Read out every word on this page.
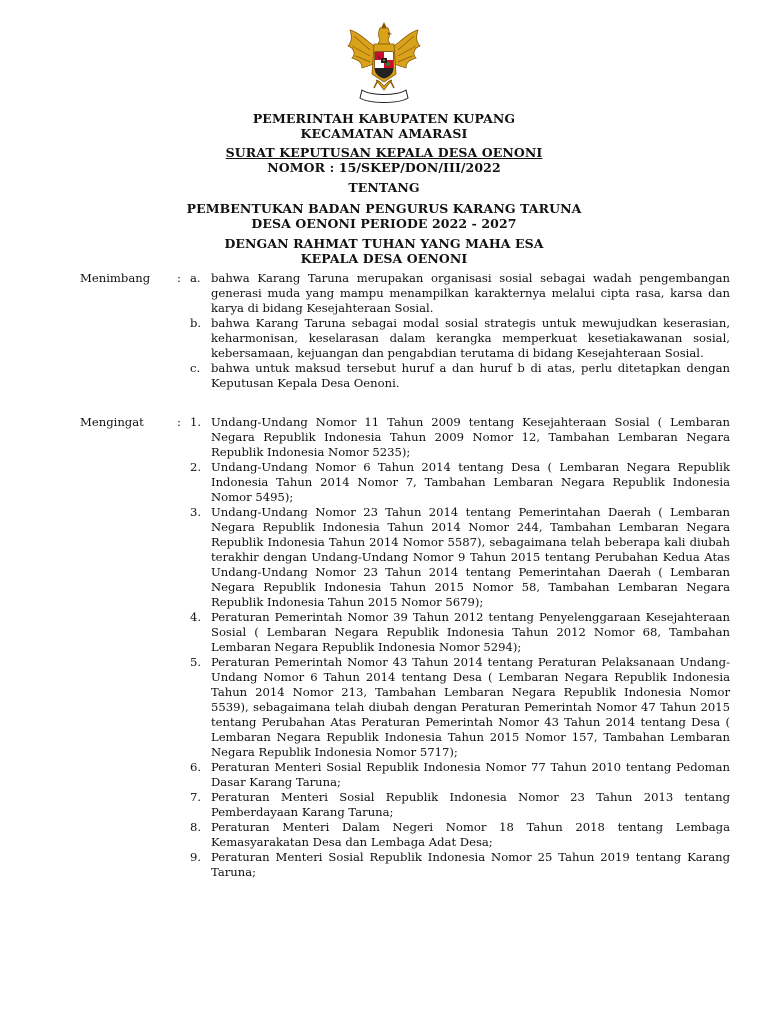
PEMERINTAH KABUPATEN KUPANG
KECAMATAN AMARASI
SURAT KEPUTUSAN KEPALA DESA OENONI
NOMOR : 15/SKEP/DON/III/2022
TENTANG
PEMBENTUKAN BADAN PENGURUS KARANG TARUNA
DESA OENONI PERIODE 2022 - 2027
DENGAN RAHMAT TUHAN YANG MAHA ESA
KEPALA DESA OENONI
Menimbang : a. bahwa Karang Taruna merupakan organisasi sosial sebagai wadah pengembangan generasi muda yang mampu menampilkan karakternya melalui cipta rasa, karsa dan karya di bidang Kesejahteraan Sosial.
b. bahwa Karang Taruna sebagai modal sosial strategis untuk mewujudkan keserasian, keharmonisan, keselarasan dalam kerangka memperkuat kesetiakawanan sosial, kebersamaan, kejuangan dan pengabdian terutama di bidang Kesejahteraan Sosial.
c. bahwa untuk maksud tersebut huruf a dan huruf b di atas, perlu ditetapkan dengan Keputusan Kepala Desa Oenoni.
Mengingat	: 1. Undang-Undang Nomor 11 Tahun 2009 tentang Kesejahteraan Sosial ( Lembaran Negara Republik Indonesia Tahun 2009 Nomor 12, Tambahan Lembaran Negara Republik Indonesia Nomor 5235);
2. Undang-Undang Nomor 6 Tahun 2014 tentang Desa ( Lembaran Negara Republik Indonesia Tahun 2014 Nomor 7, Tambahan Lembaran Negara Republik Indonesia Nomor 5495);
3. Undang-Undang Nomor 23 Tahun 2014 tentang Pemerintahan Daerah ( Lembaran Negara Republik Indonesia Tahun 2014 Nomor 244, Tambahan Lembaran Negara Republik Indonesia Tahun 2014 Nomor 5587), sebagaimana telah beberapa kali diubah terakhir dengan Undang-Undang Nomor 9 Tahun 2015 tentang Perubahan Kedua Atas Undang-Undang Nomor 23 Tahun 2014 tentang Pemerintahan Daerah ( Lembaran Negara Republik Indonesia Tahun 2015 Nomor 58, Tambahan Lembaran Negara Republik Indonesia Tahun 2015 Nomor 5679);
4. Peraturan Pemerintah Nomor 39 Tahun 2012 tentang Penyelenggaraan Kesejahteraan Sosial ( Lembaran Negara Republik Indonesia Tahun 2012 Nomor 68, Tambahan Lembaran Negara Republik Indonesia Nomor 5294);
5. Peraturan Pemerintah Nomor 43 Tahun 2014 tentang Peraturan Pelaksanaan Undang-Undang Nomor 6 Tahun 2014 tentang Desa ( Lembaran Negara Republik Indonesia Tahun 2014 Nomor 213, Tambahan Lembaran Negara Republik Indonesia Nomor 5539), sebagaimana telah diubah dengan Peraturan Pemerintah Nomor 47 Tahun 2015 tentang Perubahan Atas Peraturan Pemerintah Nomor 43 Tahun 2014 tentang Desa ( Lembaran Negara Republik Indonesia Tahun 2015 Nomor 157, Tambahan Lembaran Negara Republik Indonesia Nomor 5717);
6. Peraturan Menteri Sosial Republik Indonesia Nomor 77 Tahun 2010 tentang Pedoman Dasar Karang Taruna;
7. Peraturan Menteri Sosial Republik Indonesia Nomor 23 Tahun 2013 tentang Pemberdayaan Karang Taruna;
8. Peraturan Menteri Dalam Negeri Nomor 18 Tahun 2018 tentang Lembaga Kemasyarakatan Desa dan Lembaga Adat Desa;
9. Peraturan Menteri Sosial Republik Indonesia Nomor 25 Tahun 2019 tentang Karang Taruna;
